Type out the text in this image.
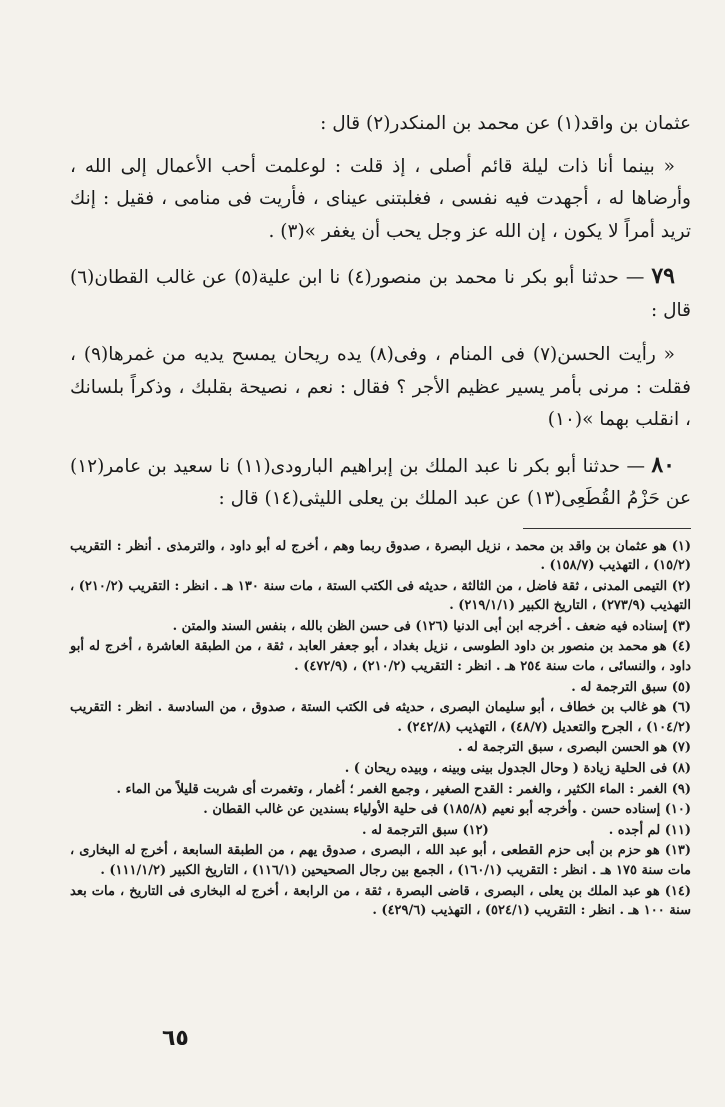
عثمان بن واقد(١) عن محمد بن المنكدر(٢) قال :

« بينما أنا ذات ليلة قائم أصلى ، إذ قلت : لوعلمت أحب الأعمال إلى الله ، وأرضاها له ، أجهدت فيه نفسى ، فغلبتنى عيناى ، فأريت فى منامى ، فقيل : إنك تريد أمراً لا يكون ، إن الله عز وجل يحب أن يغفر »(٣) .

٧٩ — حدثنا أبو بكر نا محمد بن منصور(٤) نا ابن علية(٥) عن غالب القطان(٦) قال :

« رأيت الحسن(٧) فى المنام ، وفى(٨) يده ريحان يمسح يديه من غمرها(٩) ، فقلت : مرنى بأمر يسير عظيم الأجر ؟ فقال : نعم ، نصيحة بقلبك ، وذكراً بلسانك ، انقلب بهما »(١٠)

٨٠ — حدثنا أبو بكر نا عبد الملك بن إبراهيم البارودى(١١) نا سعيد بن عامر(١٢) عن حَزْمُ القُطَعِى(١٣) عن عبد الملك بن يعلى الليثى(١٤) قال :

(١) هو عثمان بن واقد بن محمد ، نزيل البصرة ، صدوق ربما وهم ، أخرج له أبو داود ، والترمذى . أنظر : التقريب (١٥/٢) ، التهذيب (١٥٨/٧) .

(٢) التيمى المدنى ، ثقة فاضل ، من الثالثة ، حديثه فى الكتب الستة ، مات سنة ١٣٠ هـ . انظر : التقريب (٢١٠/٢) ، التهذيب (٢٧٣/٩) ، التاريخ الكبير (٢١٩/١/١) .

(٣) إسناده فيه ضعف . أخرجه ابن أبى الدنيا (١٢٦) فى حسن الظن بالله ، بنفس السند والمتن .

(٤) هو محمد بن منصور بن داود الطوسى ، نزيل بغداد ، أبو جعفر العابد ، ثقة ، من الطبقة العاشرة ، أخرج له أبو داود ، والنسائى ، مات سنة ٢٥٤ هـ . انظر : التقريب (٢١٠/٢) ، (٤٧٢/٩) .

(٥) سبق الترجمة له .

(٦) هو غالب بن خطاف ، أبو سليمان البصرى ، حديثه فى الكتب الستة ، صدوق ، من السادسة . انظر : التقريب (١٠٤/٢) ، الجرح والتعديل (٤٨/٧) ، التهذيب (٢٤٢/٨) .

(٧) هو الحسن البصرى ، سبق الترجمة له .

(٨) فى الحلية زيادة ( وحال الجدول بينى وبينه ، وبيده ريحان ) .

(٩) الغمر : الماء الكثير ، والغمر : القدح الصغير ، وجمع الغمر ؛ أغمار ، وتغمرت أى شربت قليلاً من الماء .

(١٠) إسناده حسن . وأخرجه أبو نعيم (١٨٥/٨) فى حلية الأولياء بسندين عن غالب القطان .

(١١) لم أجده .
(١٢) سبق الترجمة له .

(١٣) هو حزم بن أبى حزم القطعى ، أبو عبد الله ، البصرى ، صدوق يهم ، من الطبقة السابعة ، أخرج له البخارى ، مات سنة ١٧٥ هـ . انظر : التقريب (١٦٠/١) ، الجمع بين رجال الصحيحين (١١٦/١) ، التاريخ الكبير (١١١/١/٢) .

(١٤) هو عبد الملك بن يعلى ، البصرى ، قاضى البصرة ، ثقة ، من الرابعة ، أخرج له البخارى فى التاريخ ، مات بعد سنة ١٠٠ هـ . انظر : التقريب (٥٢٤/١) ، التهذيب (٤٢٩/٦) .

٦٥
